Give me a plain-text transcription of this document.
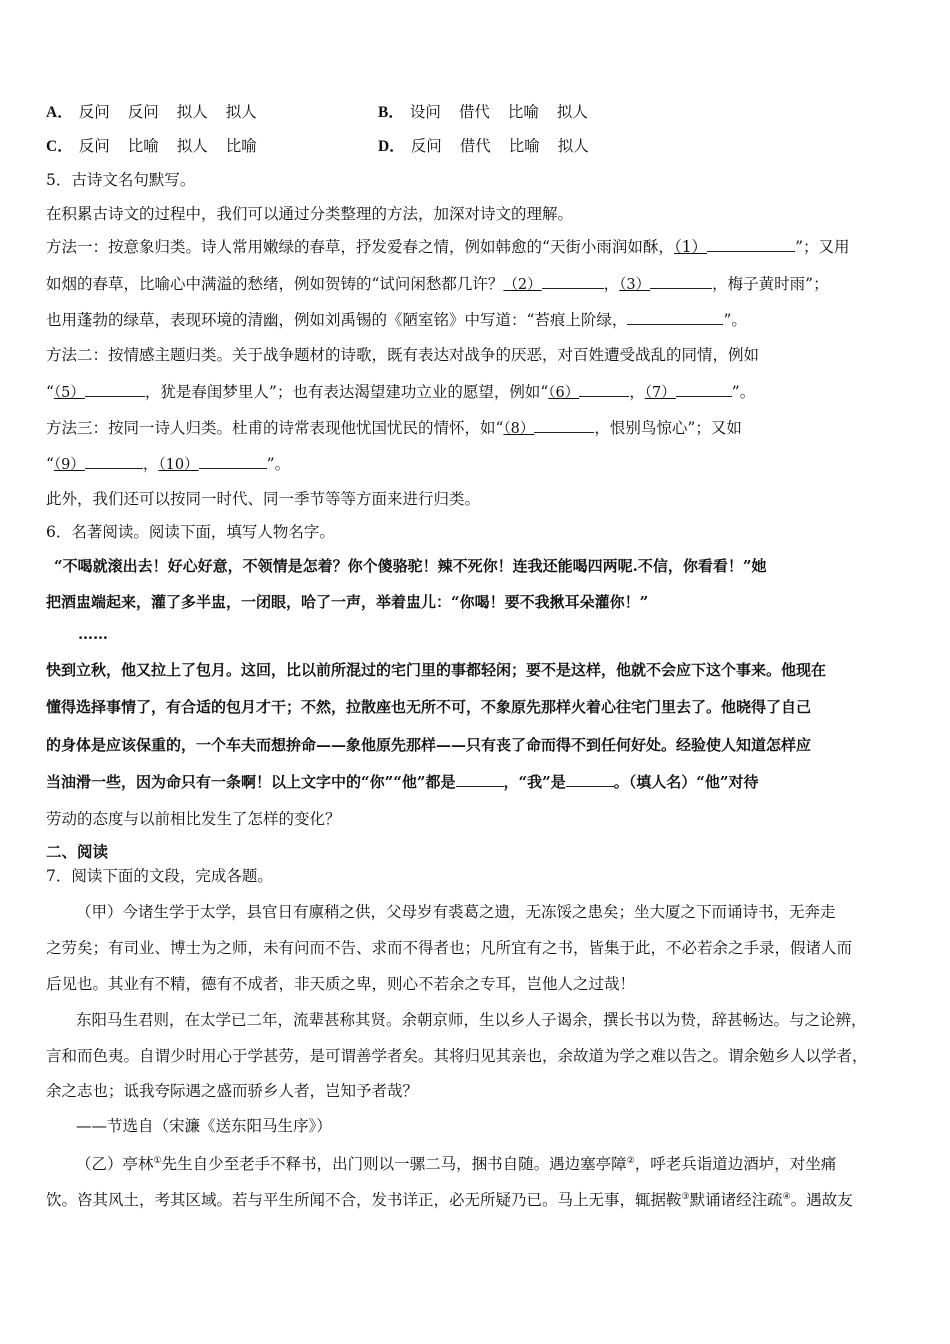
A． 反问 反问 拟人 拟人	B． 设问 借代 比喻 拟人
C． 反问 比喻 拟人 比喻	D． 反问 借代 比喻 拟人
5．古诗文名句默写。
在积累古诗文的过程中，我们可以通过分类整理的方法，加深对诗文的理解。
方法一：按意象归类。诗人常用嫩绿的春草，抒发爱春之情，例如韩愈的“天街小雨润如酥，（1）	”；又用
如烟的春草，比喻心中满溢的愁绪，例如贺铸的“试问闲愁都几许？（2）	，（3）	，梅子黄时雨”；
也用蓬勃的绿草，表现环境的清幽，例如刘禹锡的《陋室铭》中写道：“苔痕上阶绿，	”。
方法二：按情感主题归类。关于战争题材的诗歌，既有表达对战争的厌恶，对百姓遭受战乱的同情，例如
“（5）	，犹是春闺梦里人”；也有表达渴望建功立业的愿望，例如“（6）	，（7）	”。
方法三：按同一诗人归类。杜甫的诗常表现他忧国忧民的情怀，如“（8）	，恨别鸟惊心”；又如
“（9）	，（10）	”。
此外，我们还可以按同一时代、同一季节等等方面来进行归类。
6．名著阅读。阅读下面，填写人物名字。
“不喝就滚出去！好心好意，不领情是怎着？你个傻骆驼！辣不死你！连我还能喝四两呢.不信，你看看！”她
把酒盅端起来，灌了多半盅，一闭眼，哈了一声，举着盅儿：“你喝！要不我揪耳朵灌你！”
……
快到立秋，他又拉上了包月。这回，比以前所混过的宅门里的事都轻闲；要不是这样，他就不会应下这个事来。他现在
懂得选择事情了，有合适的包月才干；不然，拉散座也无所不可，不象原先那样火着心往宅门里去了。他晓得了自己
的身体是应该保重的，一个车夫而想拚命——象他原先那样——只有丧了命而得不到任何好处。经验使人知道怎样应
当油滑一些，因为命只有一条啊！以上文字中的“你”“他”都是	，“我”是	。（填人名）“他”对待
劳动的态度与以前相比发生了怎样的变化？
二、阅读
7．阅读下面的文段，完成各题。
（甲）今诸生学于太学，县官日有廪稍之供，父母岁有裘葛之遗，无冻馁之患矣；坐大厦之下而诵诗书，无奔走
之劳矣；有司业、博士为之师，未有问而不告、求而不得者也；凡所宜有之书，皆集于此，不必若余之手录，假诸人而
后见也。其业有不精，德有不成者，非天质之卑，则心不若余之专耳，岂他人之过哉！
东阳马生君则，在太学已二年，流辈甚称其贤。余朝京师，生以乡人子谒余，撰长书以为贽，辞甚畅达。与之论辨，
言和而色夷。自谓少时用心于学甚劳，是可谓善学者矣。其将归见其亲也，余故道为学之难以告之。谓余勉乡人以学者，
余之志也；诋我夸际遇之盛而骄乡人者，岂知予者哉？
——节选自（宋濂《送东阳马生序》）
（乙）亭林①先生自少至老手不释书，出门则以一骡二马，捆书自随。遇边塞亭障②，呼老兵诣道边酒垆，对坐痛
饮。咨其风土，考其区域。若与平生所闻不合，发书详正，必无所疑乃已。马上无事，辄据鞍③默诵诸经注疏④。遇故友
